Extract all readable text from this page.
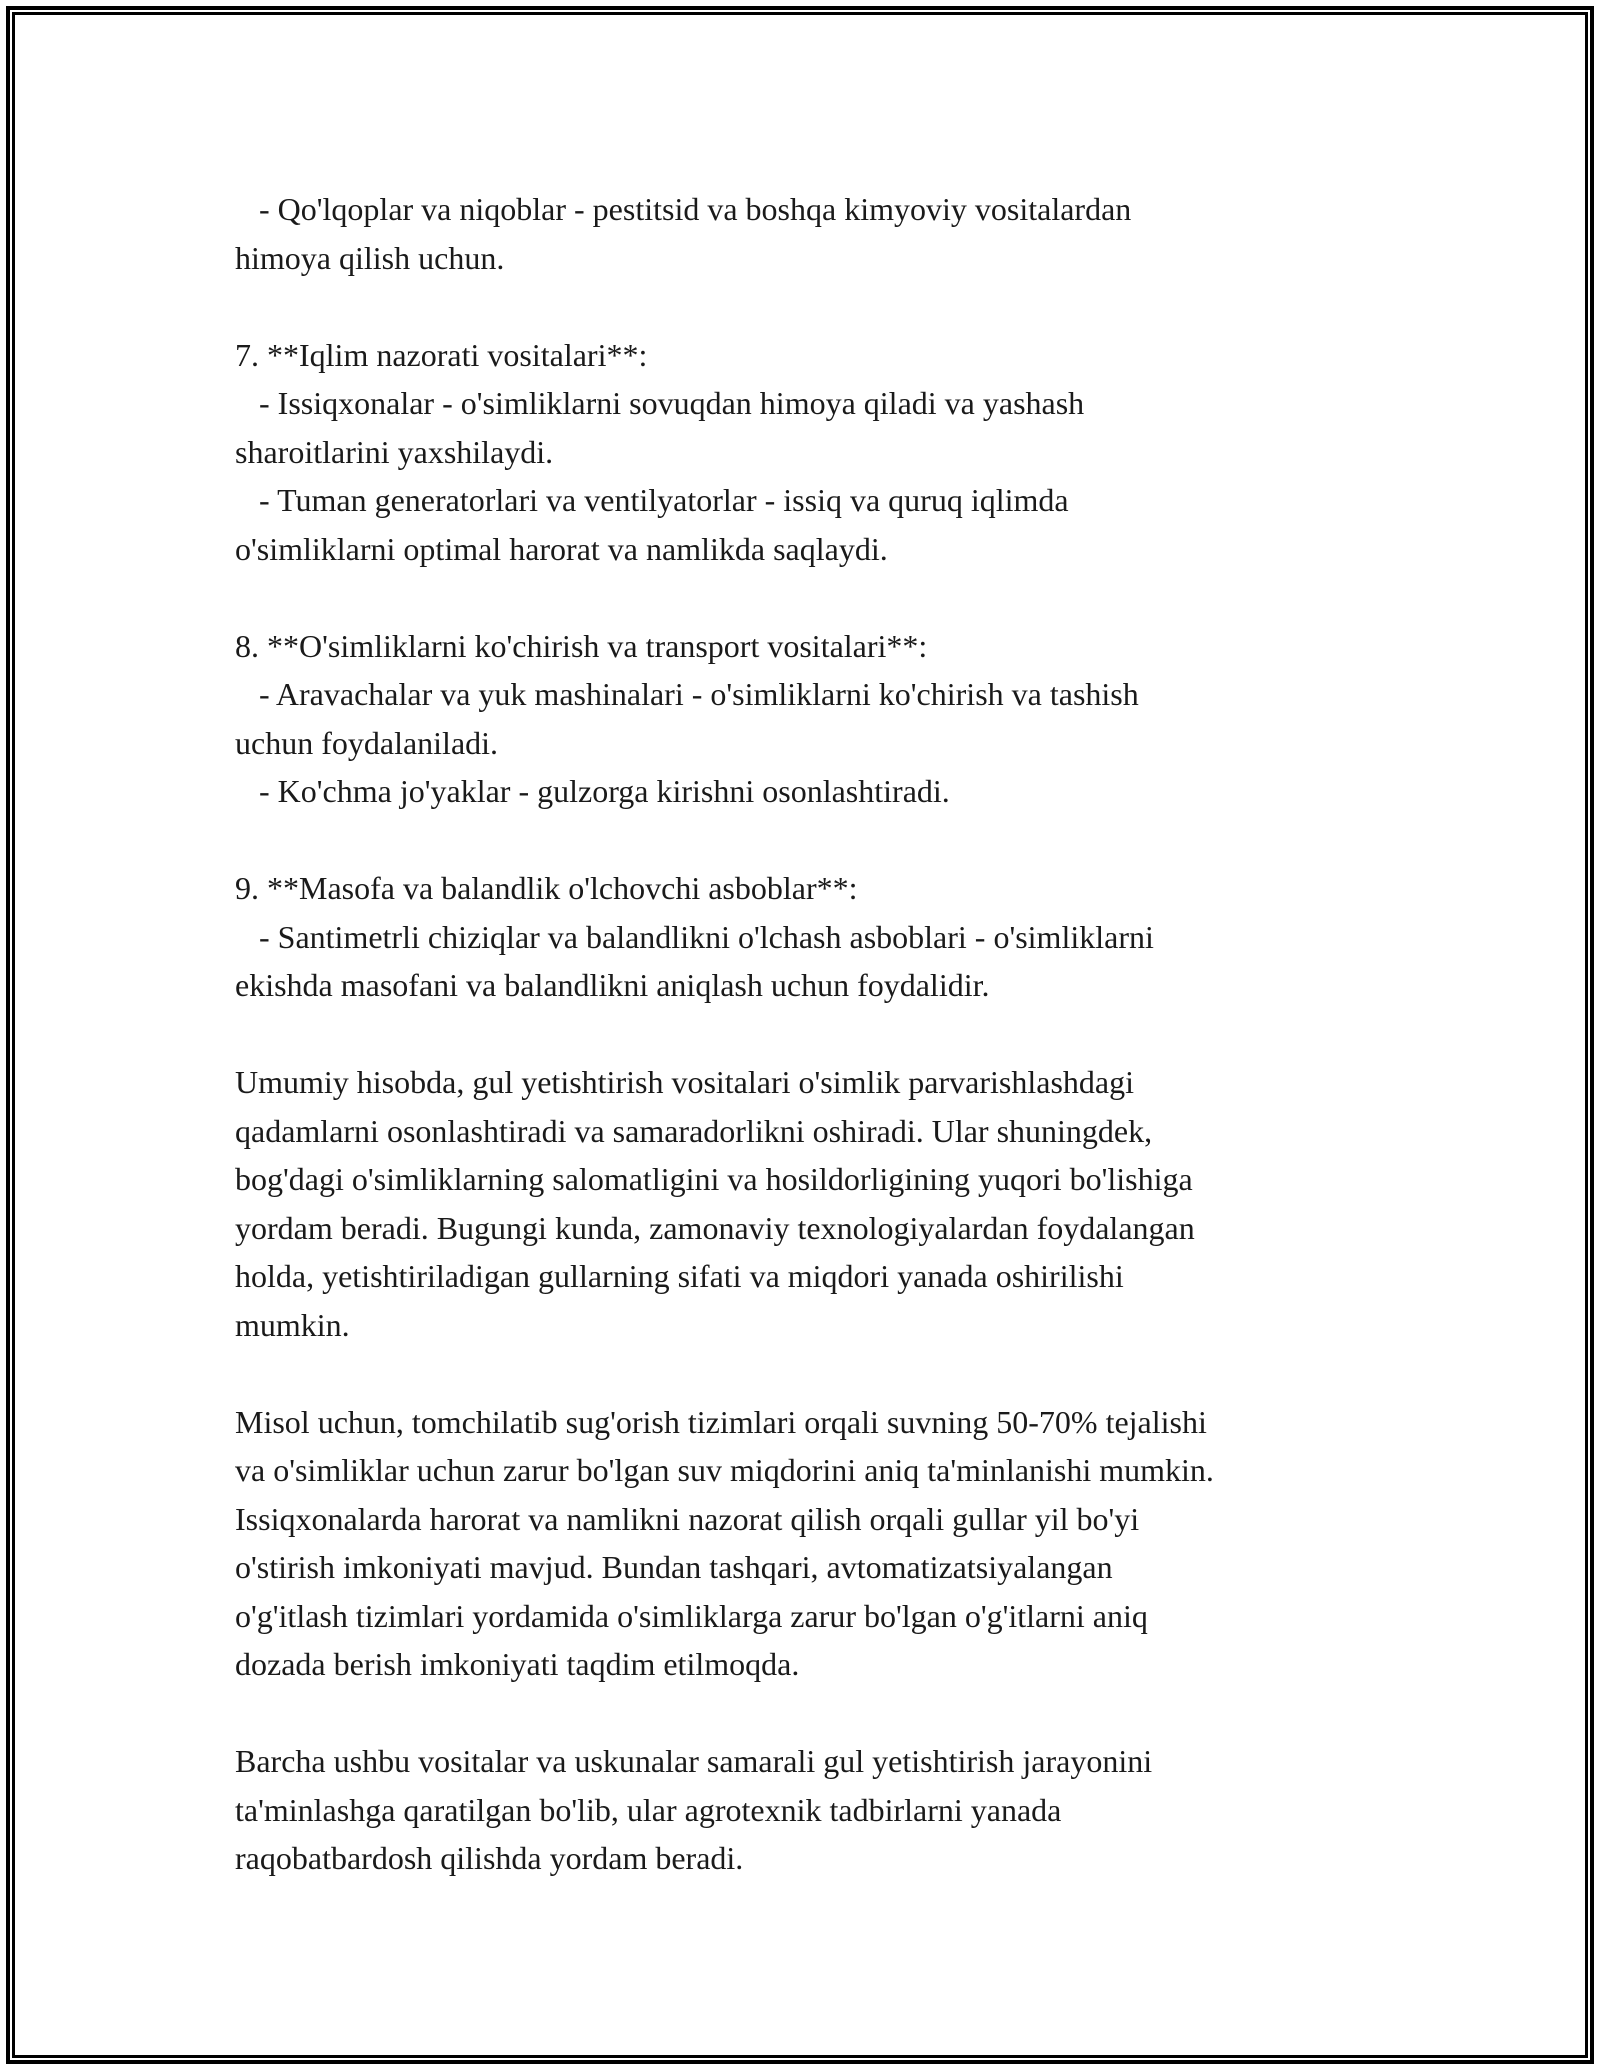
- Qo'lqoplar va niqoblar - pestitsid va boshqa kimyoviy vositalardan
himoya qilish uchun.
7. **Iqlim nazorati vositalari**:
- Issiqxonalar - o'simliklarni sovuqdan himoya qiladi va yashash
sharoitlarini yaxshilaydi.
- Tuman generatorlari va ventilyatorlar - issiq va quruq iqlimda
o'simliklarni optimal harorat va namlikda saqlaydi.
8. **O'simliklarni ko'chirish va transport vositalari**:
- Aravachalar va yuk mashinalari - o'simliklarni ko'chirish va tashish
uchun foydalaniladi.
- Ko'chma jo'yaklar - gulzorga kirishni osonlashtiradi.
9. **Masofa va balandlik o'lchovchi asboblar**:
- Santimetrli chiziqlar va balandlikni o'lchash asboblari - o'simliklarni
ekishda masofani va balandlikni aniqlash uchun foydalidir.
Umumiy hisobda, gul yetishtirish vositalari o'simlik parvarishlashdagi
qadamlarni osonlashtiradi va samaradorlikni oshiradi. Ular shuningdek,
bog'dagi o'simliklarning salomatligini va hosildorligining yuqori bo'lishiga
yordam beradi. Bugungi kunda, zamonaviy texnologiyalardan foydalangan
holda, yetishtiriladigan gullarning sifati va miqdori yanada oshirilishi
mumkin.
Misol uchun, tomchilatib sug'orish tizimlari orqali suvning 50-70% tejalishi
va o'simliklar uchun zarur bo'lgan suv miqdorini aniq ta'minlanishi mumkin.
Issiqxonalarda harorat va namlikni nazorat qilish orqali gullar yil bo'yi
o'stirish imkoniyati mavjud. Bundan tashqari, avtomatizatsiyalangan
o'g'itlash tizimlari yordamida o'simliklarga zarur bo'lgan o'g'itlarni aniq
dozada berish imkoniyati taqdim etilmoqda.
Barcha ushbu vositalar va uskunalar samarali gul yetishtirish jarayonini
ta'minlashga qaratilgan bo'lib, ular agrotexnik tadbirlarni yanada
raqobatbardosh qilishda yordam beradi.
